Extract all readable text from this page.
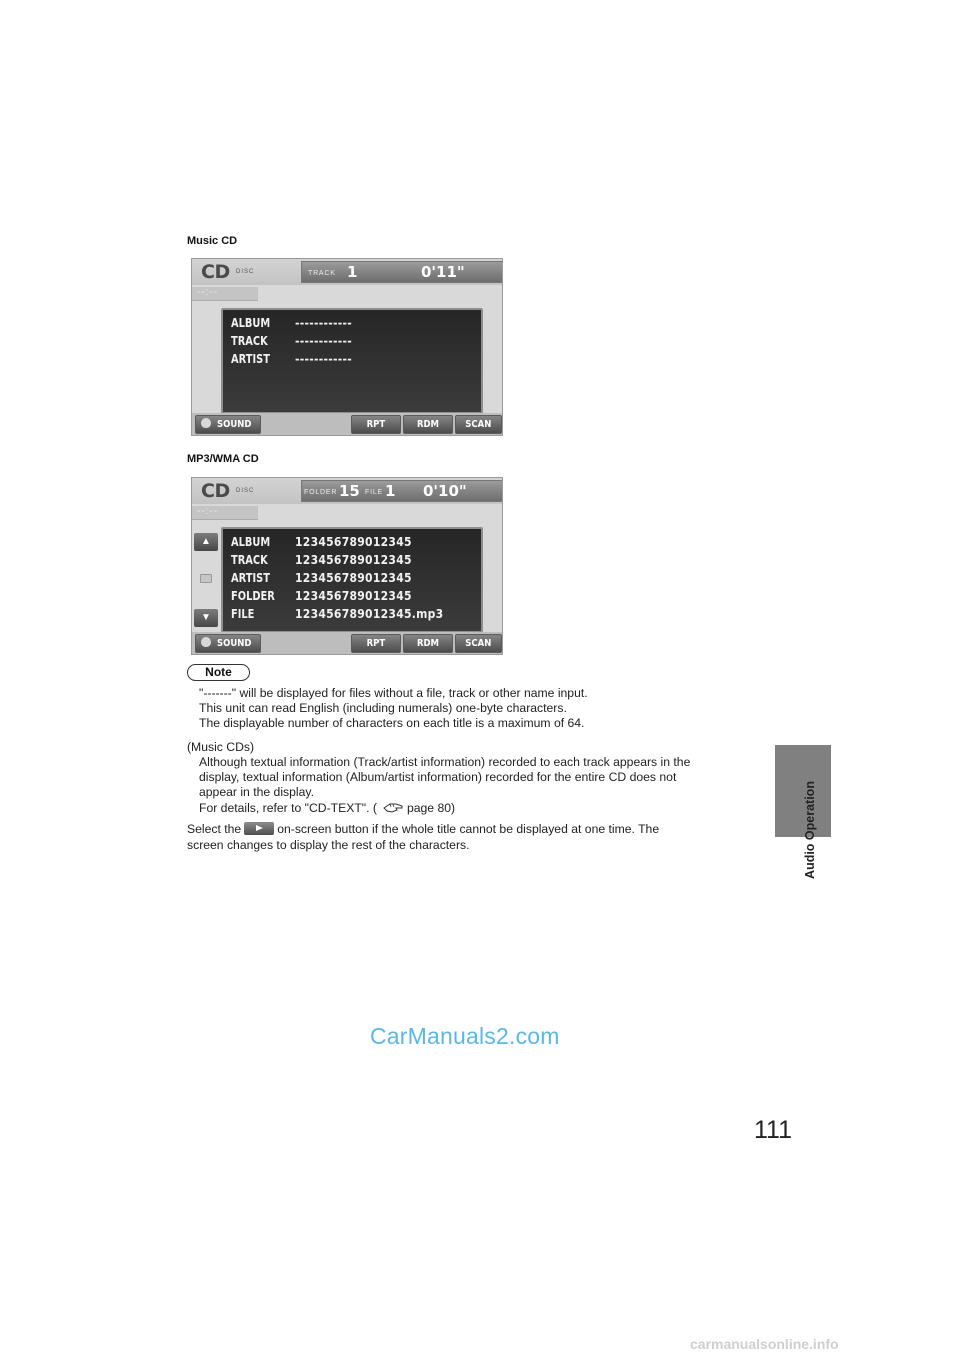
Music CD
CD DISC	TRACK 1	0'11"
--:--
ALBUM ------------
TRACK ------------
ARTIST ------------
SOUND	RPT	RDM	SCAN
MP3/WMA CD
CD DISC	FOLDER 15 FILE 1 0'10"
--:--
▲
▼
ALBUM 123456789012345
TRACK 123456789012345
ARTIST 123456789012345
FOLDER 123456789012345
FILE	123456789012345.mp3
SOUND	RPT	RDM	SCAN
Note
"-------" will be displayed for files without a file, track or other name input.
This unit can read English (including numerals) one-byte characters.
The displayable number of characters on each title is a maximum of 64.
(Music CDs)
Although textual information (Track/artist information) recorded to each track appears in the
display, textual information (Album/artist information) recorded for the entire CD does not
appear in the display.
For details, refer to "CD-TEXT". ( page 80)
Select the	on-screen button if the whole title cannot be displayed at one time. The
screen changes to display the rest of the characters.	Audio Operation
111
CarManuals2.com
carmanualsonline.info
